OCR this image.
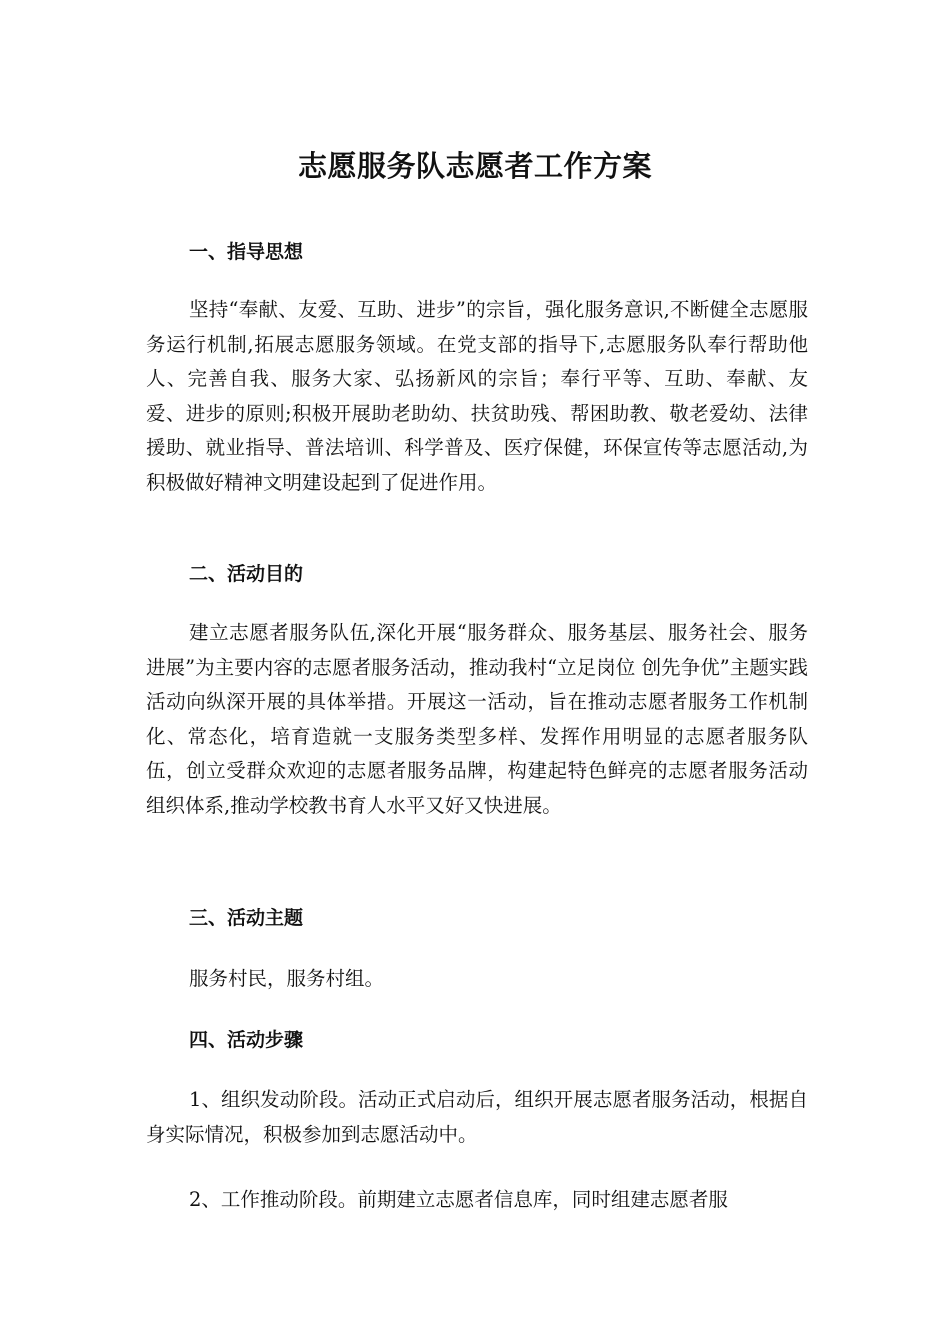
志愿服务队志愿者工作方案
一、指导思想

坚持“奉献、友爱、互助、进步”的宗旨，强化服务意识,不断健全志愿服务运行机制,拓展志愿服务领域。在党支部的指导下,志愿服务队奉行帮助他人、完善自我、服务大家、弘扬新风的宗旨；奉行平等、互助、奉献、友爱、进步的原则;积极开展助老助幼、扶贫助残、帮困助教、敬老爱幼、法律援助、就业指导、普法培训、科学普及、医疗保健，环保宣传等志愿活动,为积极做好精神文明建设起到了促进作用。

二、活动目的

建立志愿者服务队伍,深化开展“服务群众、服务基层、服务社会、服务进展”为主要内容的志愿者服务活动，推动我村“立足岗位 创先争优”主题实践活动向纵深开展的具体举措。开展这一活动，旨在推动志愿者服务工作机制化、常态化，培育造就一支服务类型多样、发挥作用明显的志愿者服务队伍，创立受群众欢迎的志愿者服务品牌，构建起特色鲜亮的志愿者服务活动组织体系,推动学校教书育人水平又好又快进展。

三、活动主题

服务村民，服务村组。

四、活动步骤

1、组织发动阶段。活动正式启动后，组织开展志愿者服务活动，根据自身实际情况，积极参加到志愿活动中。

2、工作推动阶段。前期建立志愿者信息库，同时组建志愿者服
